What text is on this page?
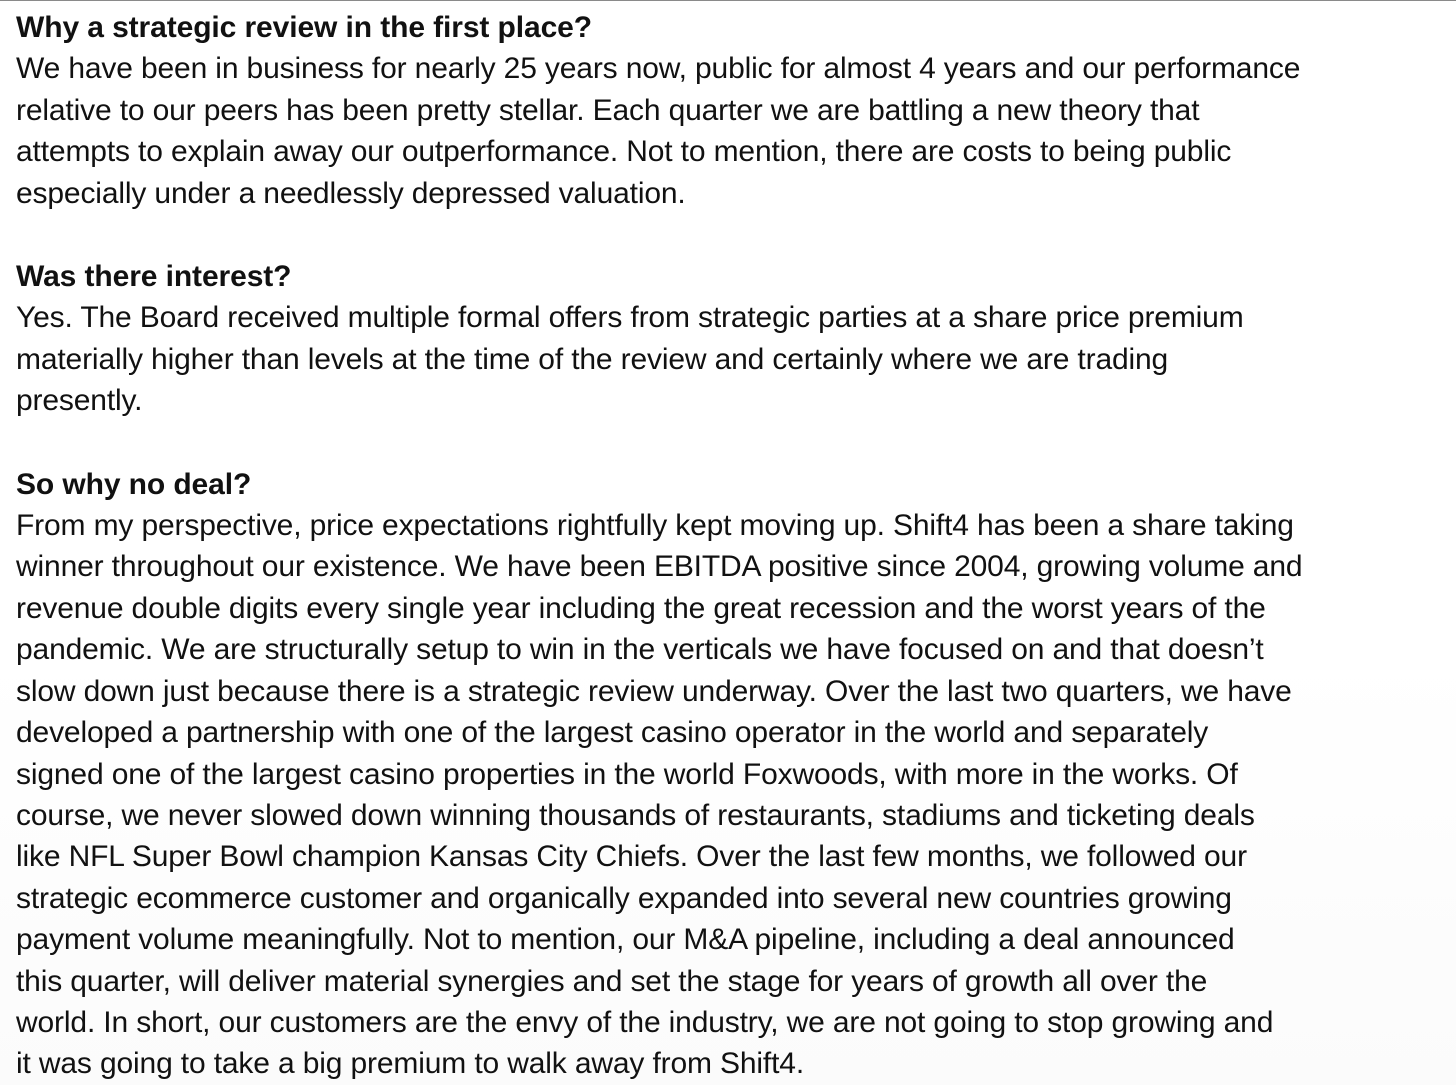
Why a strategic review in the first place?

We have been in business for nearly 25 years now, public for almost 4 years and our performance
relative to our peers has been pretty stellar. Each quarter we are battling a new theory that
attempts to explain away our outperformance. Not to mention, there are costs to being public
especially under a needlessly depressed valuation.

Was there interest?

Yes. The Board received multiple formal offers from strategic parties at a share price premium
materially higher than levels at the time of the review and certainly where we are trading
presently.

So why no deal?

From my perspective, price expectations rightfully kept moving up. Shift4 has been a share taking
winner throughout our existence. We have been EBITDA positive since 2004, growing volume and
revenue double digits every single year including the great recession and the worst years of the
pandemic. We are structurally setup to win in the verticals we have focused on and that doesn’t
slow down just because there is a strategic review underway. Over the last two quarters, we have
developed a partnership with one of the largest casino operator in the world and separately
signed one of the largest casino properties in the world Foxwoods, with more in the works. Of
course, we never slowed down winning thousands of restaurants, stadiums and ticketing deals
like NFL Super Bowl champion Kansas City Chiefs. Over the last few months, we followed our
strategic ecommerce customer and organically expanded into several new countries growing
payment volume meaningfully. Not to mention, our M&A pipeline, including a deal announced
this quarter, will deliver material synergies and set the stage for years of growth all over the
world. In short, our customers are the envy of the industry, we are not going to stop growing and
it was going to take a big premium to walk away from Shift4.
